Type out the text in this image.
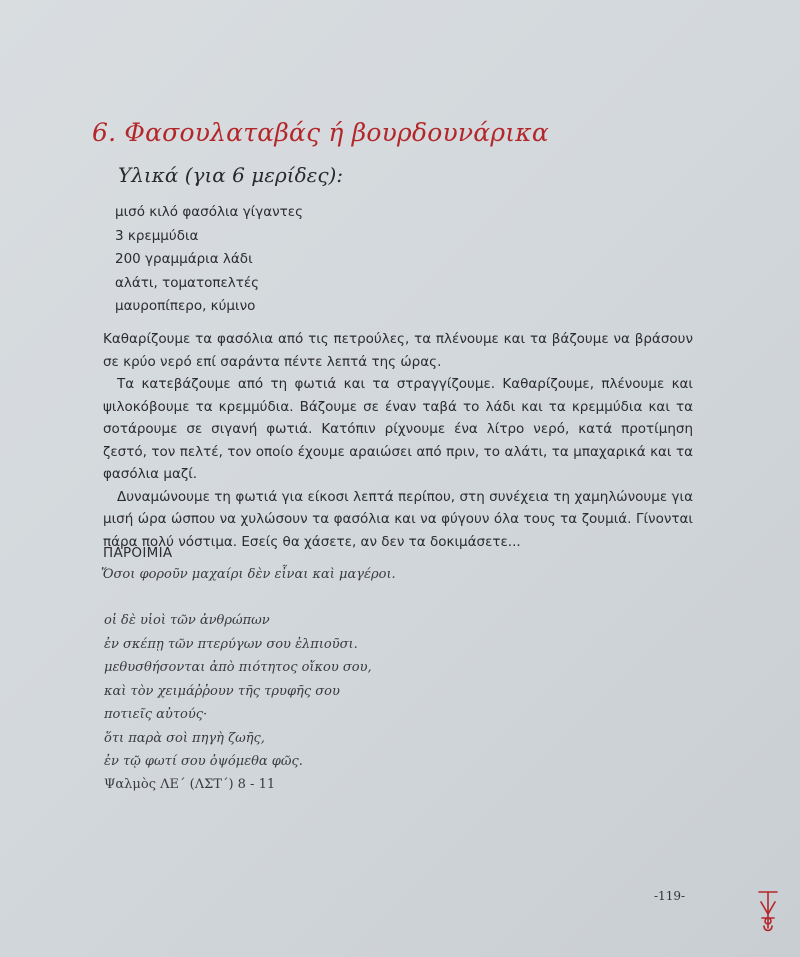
6. Φασουλαταβάς ή βουρδουνάρικα
Υλικά (για 6 μερίδες):
μισό κιλό φασόλια γίγαντες
3 κρεμμύδια
200 γραμμάρια λάδι
αλάτι, τοματοπελτές
μαυροπίπερο, κύμινο

Καθαρίζουμε τα φασόλια από τις πετρούλες, τα πλένουμε και τα βάζουμε να βράσουν σε κρύο νερό επί σαράντα πέντε λεπτά της ώρας.

Τα κατεβάζουμε από τη φωτιά και τα στραγγίζουμε. Καθαρίζουμε, πλένουμε και ψιλοκόβουμε τα κρεμμύδια. Βάζουμε σε έναν ταβά το λάδι και τα κρεμμύδια και τα σοτάρουμε σε σιγανή φωτιά. Κατόπιν ρίχνουμε ένα λίτρο νερό, κατά προτίμηση ζεστό, τον πελτέ, τον οποίο έχουμε αραιώσει από πριν, το αλάτι, τα μπαχαρικά και τα φασόλια μαζί.

Δυναμώνουμε τη φωτιά για είκοσι λεπτά περίπου, στη συνέχεια τη χαμηλώνουμε για μισή ώρα ώσπου να χυλώσουν τα φασόλια και να φύγουν όλα τους τα ζουμιά. Γίνονται πάρα πολύ νόστιμα. Εσείς θα χάσετε, αν δεν τα δοκιμάσετε...

ΠΑΡΟΙΜΙΑ
Ὅσοι φοροῦν μαχαίρι δὲν εἶναι καὶ μαγέροι.
οἱ δὲ υἱοὶ τῶν ἀνθρώπων
ἐν σκέπῃ τῶν πτερύγων σου ἐλπιοῦσι.
μεθυσθήσονται ἀπὸ πιότητος οἴκου σου,
καὶ τὸν χειμάῤῥουν τῆς τρυφῆς σου
ποτιεῖς αὐτούς·
ὅτι παρὰ σοὶ πηγὴ ζωῆς,
ἐν τῷ φωτί σου ὀψόμεθα φῶς.
Ψαλμὸς ΛΕ΄ (ΛΣΤ΄) 8 - 11
-119-
